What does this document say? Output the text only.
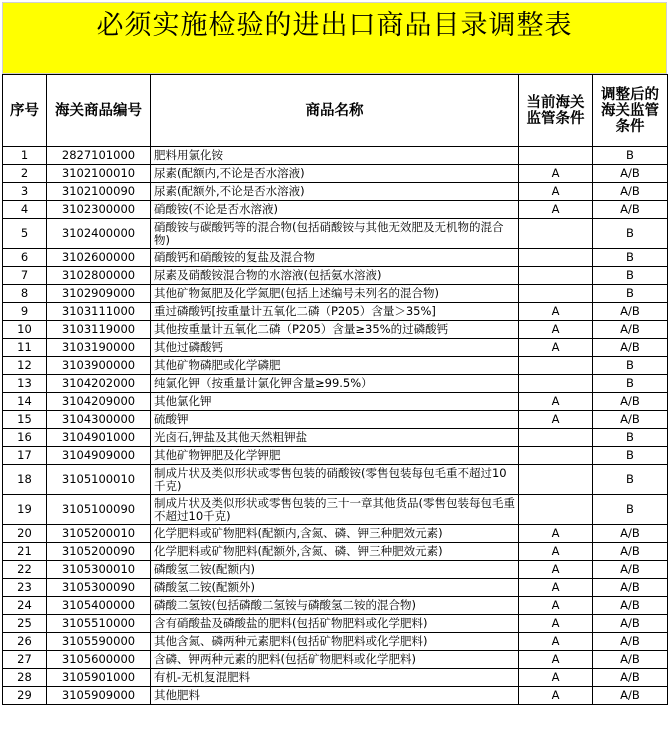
必须实施检验的进出口商品目录调整表
序号	海关商品编号	商品名称	当前海关监管条件	调整后的海关监管条件
1	2827101000	肥料用氯化铵		B
2	3102100010	尿素(配额内,不论是否水溶液)	A	A/B
3	3102100090	尿素(配额外,不论是否水溶液)	A	A/B
4	3102300000	硝酸铵(不论是否水溶液)	A	A/B
5	3102400000	硝酸铵与碳酸钙等的混合物(包括硝酸铵与其他无效肥及无机物的混合物)		B
6	3102600000	硝酸钙和硝酸铵的复盐及混合物		B
7	3102800000	尿素及硝酸铵混合物的水溶液(包括氨水溶液)		B
8	3102909000	其他矿物氮肥及化学氮肥(包括上述编号未列名的混合物)		B
9	3103111000	重过磷酸钙[按重量计五氧化二磷（P205）含量＞35%]	A	A/B
10	3103119000	其他按重量计五氧化二磷（P205）含量≥35%的过磷酸钙	A	A/B
11	3103190000	其他过磷酸钙	A	A/B
12	3103900000	其他矿物磷肥或化学磷肥		B
13	3104202000	纯氯化钾（按重量计氯化钾含量≥99.5%）		B
14	3104209000	其他氯化钾	A	A/B
15	3104300000	硫酸钾	A	A/B
16	3104901000	光卤石,钾盐及其他天然粗钾盐		B
17	3104909000	其他矿物钾肥及化学钾肥		B
18	3105100010	制成片状及类似形状或零售包装的硝酸铵(零售包装每包毛重不超过10千克)		B
19	3105100090	制成片状及类似形状或零售包装的三十一章其他货品(零售包装每包毛重不超过10千克)		B
20	3105200010	化学肥料或矿物肥料(配额内,含氮、磷、钾三种肥效元素)	A	A/B
21	3105200090	化学肥料或矿物肥料(配额外,含氮、磷、钾三种肥效元素)	A	A/B
22	3105300010	磷酸氢二铵(配额内)	A	A/B
23	3105300090	磷酸氢二铵(配额外)	A	A/B
24	3105400000	磷酸二氢铵(包括磷酸二氢铵与磷酸氢二铵的混合物)	A	A/B
25	3105510000	含有硝酸盐及磷酸盐的肥料(包括矿物肥料或化学肥料)	A	A/B
26	3105590000	其他含氮、磷两种元素肥料(包括矿物肥料或化学肥料)	A	A/B
27	3105600000	含磷、钾两种元素的肥料(包括矿物肥料或化学肥料)	A	A/B
28	3105901000	有机-无机复混肥料	A	A/B
29	3105909000	其他肥料	A	A/B
